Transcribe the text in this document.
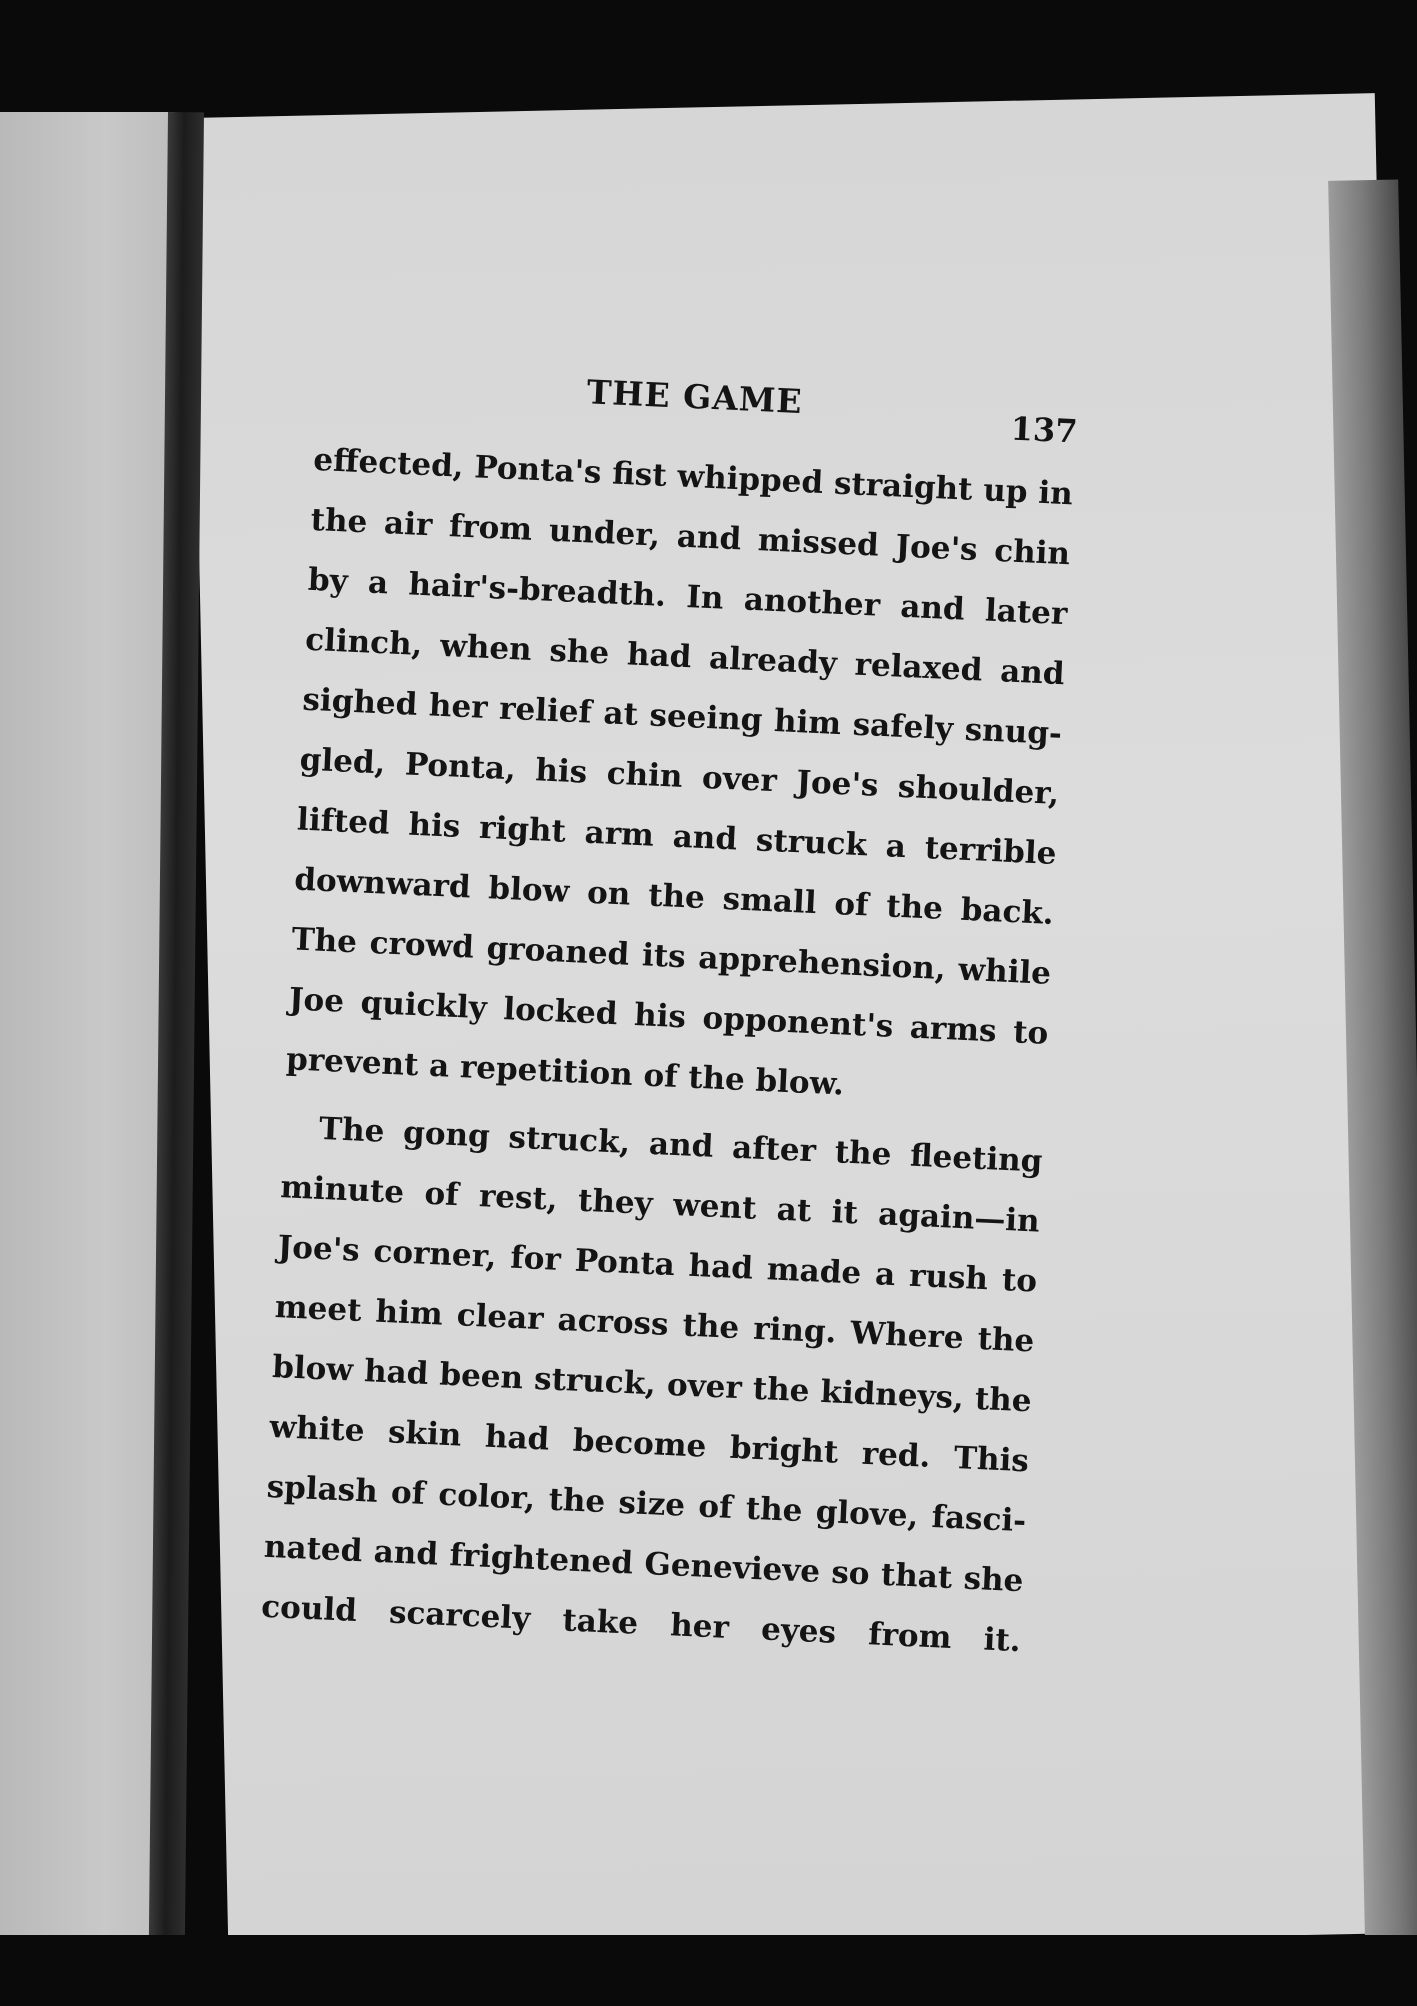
THE GAME
137

effected, Ponta's fist whipped straight up in
the air from under, and missed Joe's chin
by a hair's-breadth. In another and later
clinch, when she had already relaxed and
sighed her relief at seeing him safely snug-
gled, Ponta, his chin over Joe's shoulder,
lifted his right arm and struck a terrible
downward blow on the small of the back.
The crowd groaned its apprehension, while
Joe quickly locked his opponent's arms to
prevent a repetition of the blow.

The gong struck, and after the fleeting
minute of rest, they went at it again—in
Joe's corner, for Ponta had made a rush to
meet him clear across the ring. Where the
blow had been struck, over the kidneys, the
white skin had become bright red. This
splash of color, the size of the glove, fasci-
nated and frightened Genevieve so that she
could scarcely take her eyes from it.
